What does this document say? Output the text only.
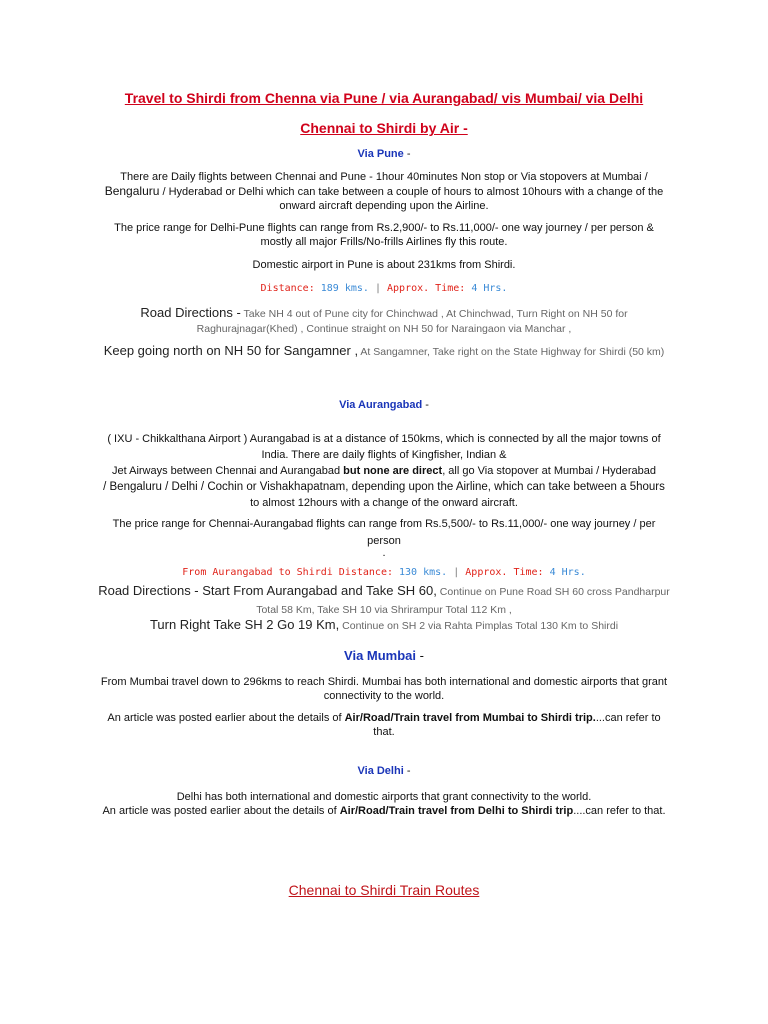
Travel to Shirdi from Chenna via Pune / via Aurangabad/ vis Mumbai/ via Delhi
Chennai to Shirdi by Air -
Via Pune -
There are Daily flights between Chennai and Pune - 1hour 40minutes Non stop or Via stopovers at Mumbai /
Bengaluru / Hyderabad or Delhi which can take between a couple of hours to almost 10hours with a change of the
onward aircraft depending upon the Airline.
The price range for Delhi-Pune flights can range from Rs.2,900/- to Rs.11,000/- one way journey / per person &
mostly all major Frills/No-frills Airlines fly this route.
Domestic airport in Pune is about 231kms from Shirdi.
Distance: 189 kms. | Approx. Time: 4 Hrs.
Road Directions - Take NH 4 out of Pune city for Chinchwad , At Chinchwad, Turn Right on NH 50 for
Raghurajnagar(Khed) , Continue straight on NH 50 for Naraingaon via Manchar ,
Keep going north on NH 50 for Sangamner , At Sangamner, Take right on the State Highway for Shirdi (50 km)
Via Aurangabad -
( IXU - Chikkalthana Airport ) Aurangabad is at a distance of 150kms, which is connected by all the major towns of
India. There are daily flights of Kingfisher, Indian &
Jet Airways between Chennai and Aurangabad but none are direct, all go Via stopover at Mumbai / Hyderabad
/ Bengaluru / Delhi / Cochin or Vishakhapatnam, depending upon the Airline, which can take between a 5hours
to almost 12hours with a change of the onward aircraft.
The price range for Chennai-Aurangabad flights can range from Rs.5,500/- to Rs.11,000/- one way journey / per
person
.
From Aurangabad to Shirdi Distance: 130 kms. | Approx. Time: 4 Hrs.
Road Directions - Start From Aurangabad and Take SH 60, Continue on Pune Road SH 60 cross Pandharpur
Total 58 Km, Take SH 10 via Shrirampur Total 112 Km ,
Turn Right Take SH 2 Go 19 Km, Continue on SH 2 via Rahta Pimplas Total 130 Km to Shirdi
Via Mumbai -
From Mumbai travel down to 296kms to reach Shirdi. Mumbai has both international and domestic airports that grant
connectivity to the world.
An article was posted earlier about the details of Air/Road/Train travel from Mumbai to Shirdi trip....can refer to
that.
Via Delhi -
Delhi has both international and domestic airports that grant connectivity to the world.
An article was posted earlier about the details of Air/Road/Train travel from Delhi to Shirdi trip....can refer to that.
Chennai to Shirdi Train Routes
